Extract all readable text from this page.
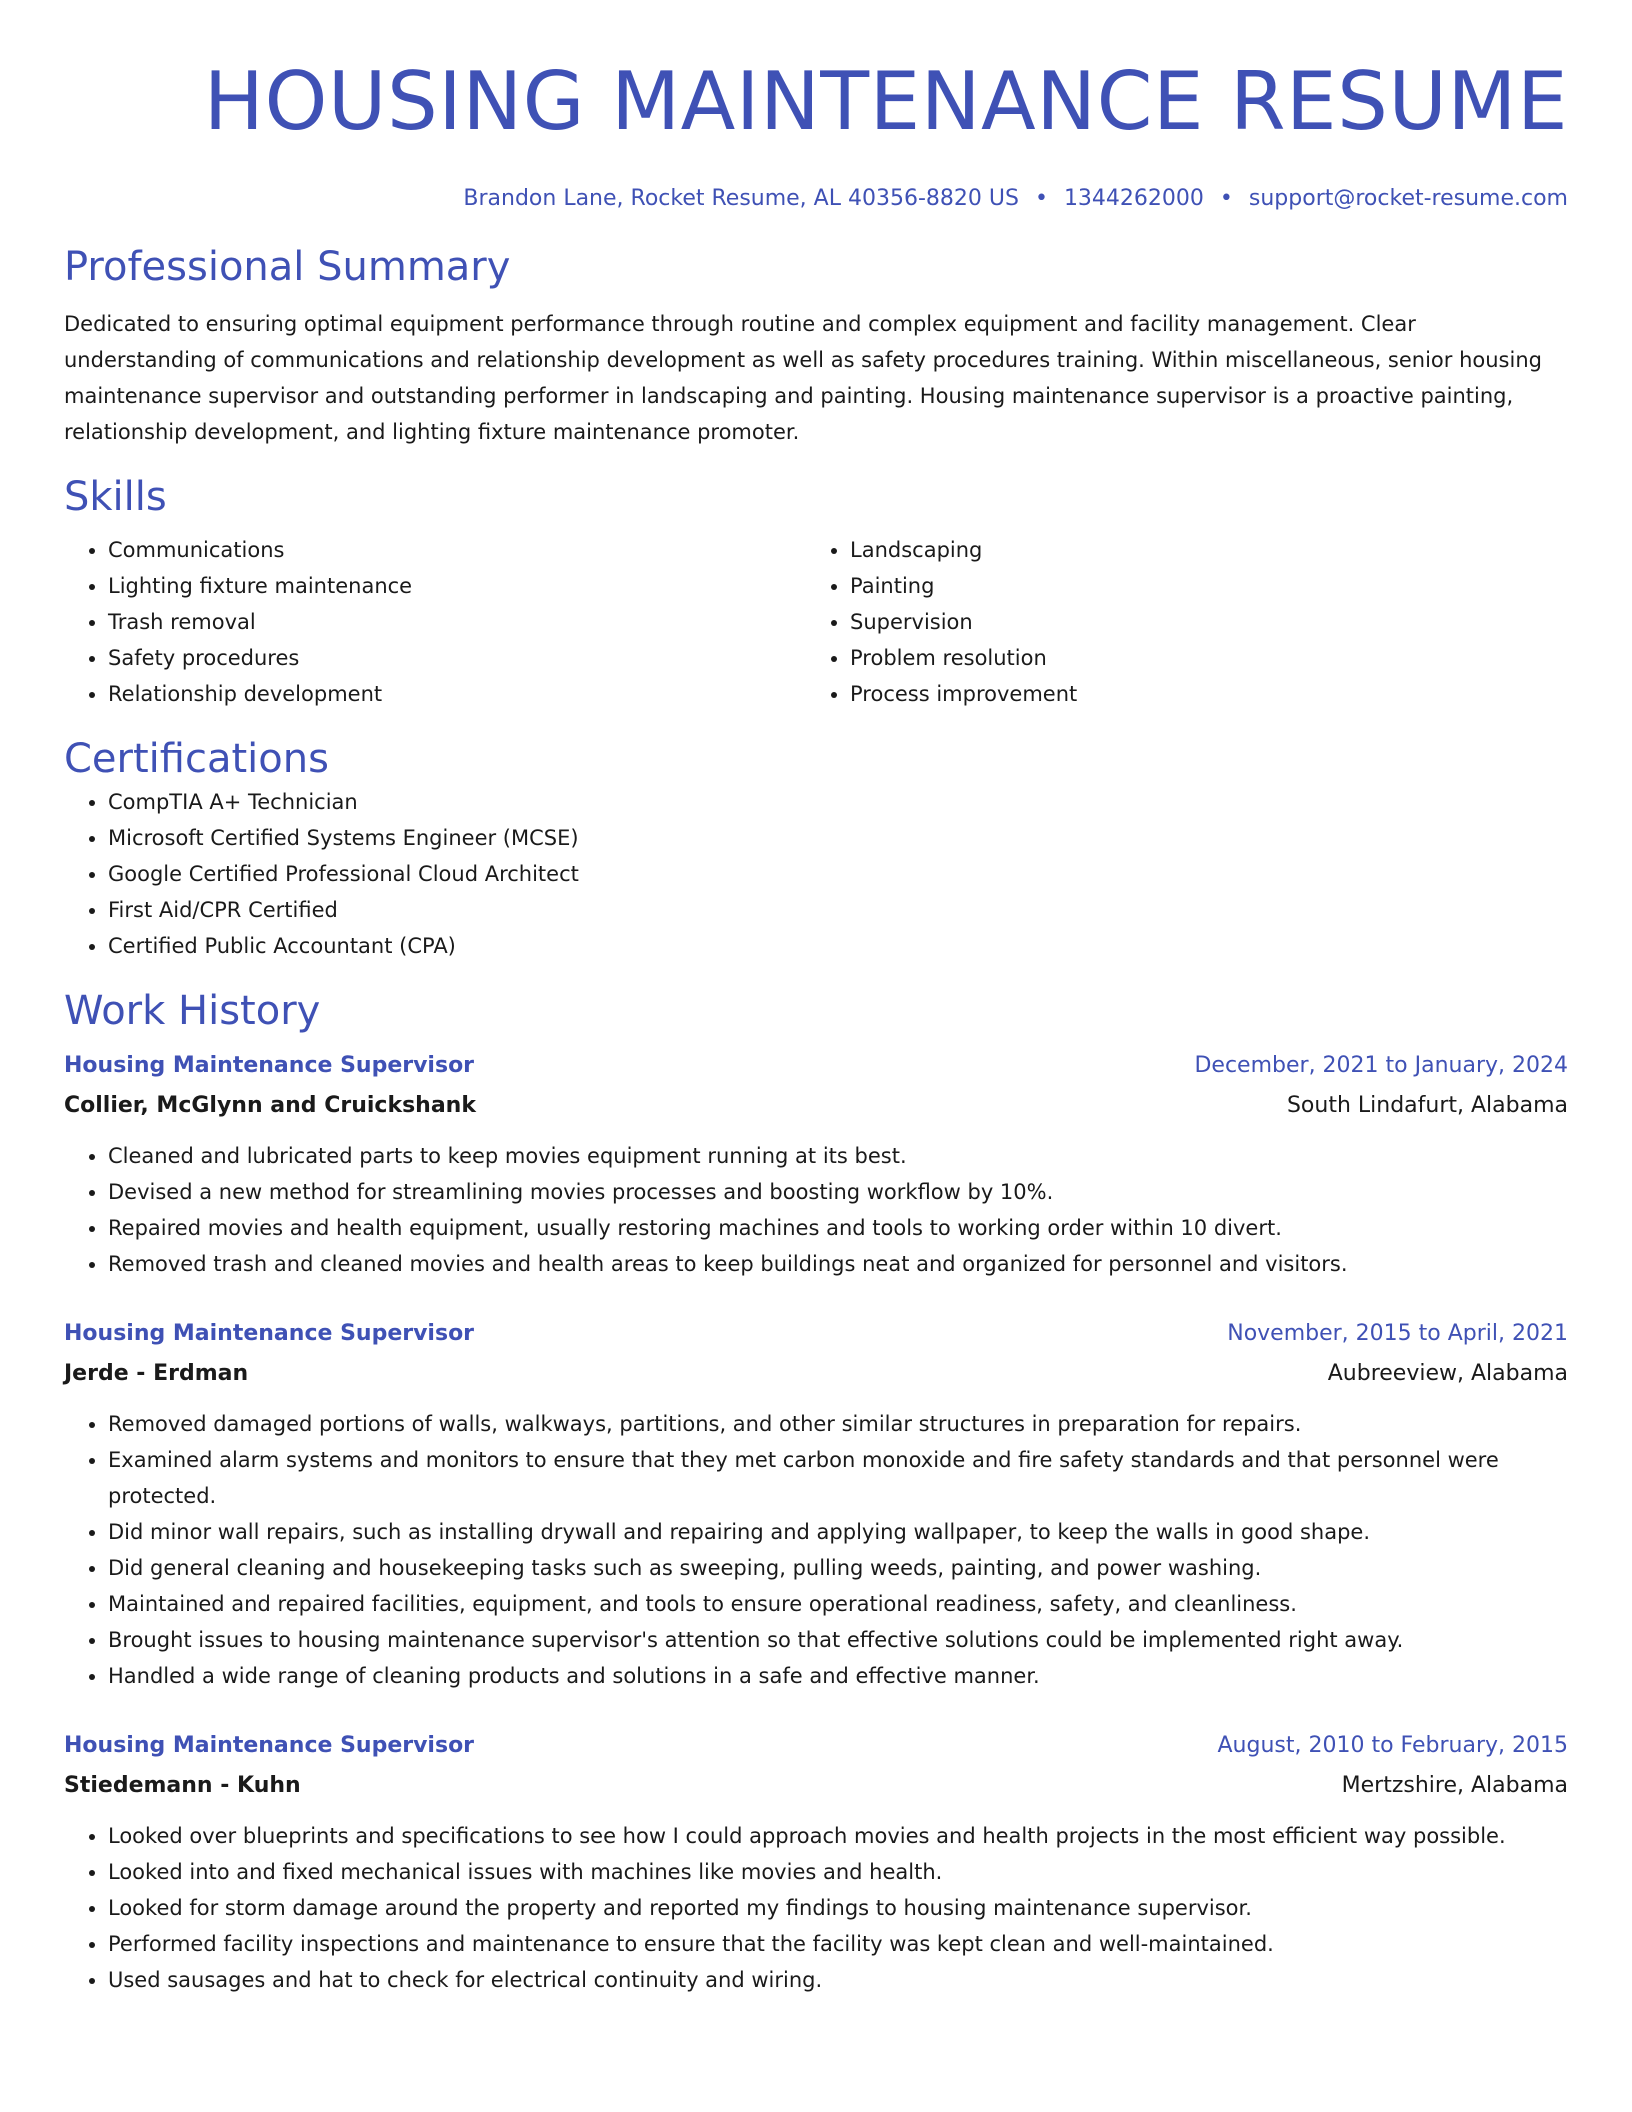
HOUSING MAINTENANCE RESUME
Brandon Lane, Rocket Resume, AL 40356-8820 US • 1344262000 • support@rocket-resume.com
Professional Summary

Dedicated to ensuring optimal equipment performance through routine and complex equipment and facility management. Clear understanding of communications and relationship development as well as safety procedures training. Within miscellaneous, senior housing maintenance supervisor and outstanding performer in landscaping and painting. Housing maintenance supervisor is a proactive painting, relationship development, and lighting fixture maintenance promoter.

Skills
• Communications
• Lighting fixture maintenance
• Trash removal
• Safety procedures
• Relationship development
• Landscaping
• Painting
• Supervision
• Problem resolution
• Process improvement
Certifications
• CompTIA A+ Technician
• Microsoft Certified Systems Engineer (MCSE)
• Google Certified Professional Cloud Architect
• First Aid/CPR Certified
• Certified Public Accountant (CPA)
Work History
Housing Maintenance Supervisor	December, 2021 to January, 2024
Collier, McGlynn and Cruickshank	South Lindafurt, Alabama
• Cleaned and lubricated parts to keep movies equipment running at its best.
• Devised a new method for streamlining movies processes and boosting workflow by 10%.
• Repaired movies and health equipment, usually restoring machines and tools to working order within 10 divert.
• Removed trash and cleaned movies and health areas to keep buildings neat and organized for personnel and visitors.
Housing Maintenance Supervisor	November, 2015 to April, 2021
Jerde - Erdman	Aubreeview, Alabama
• Removed damaged portions of walls, walkways, partitions, and other similar structures in preparation for repairs.
• Examined alarm systems and monitors to ensure that they met carbon monoxide and fire safety standards and that personnel were protected.
• Did minor wall repairs, such as installing drywall and repairing and applying wallpaper, to keep the walls in good shape.
• Did general cleaning and housekeeping tasks such as sweeping, pulling weeds, painting, and power washing.
• Maintained and repaired facilities, equipment, and tools to ensure operational readiness, safety, and cleanliness.
• Brought issues to housing maintenance supervisor's attention so that effective solutions could be implemented right away.
• Handled a wide range of cleaning products and solutions in a safe and effective manner.
Housing Maintenance Supervisor	August, 2010 to February, 2015
Stiedemann - Kuhn	Mertzshire, Alabama
• Looked over blueprints and specifications to see how I could approach movies and health projects in the most efficient way possible.
• Looked into and fixed mechanical issues with machines like movies and health.
• Looked for storm damage around the property and reported my findings to housing maintenance supervisor.
• Performed facility inspections and maintenance to ensure that the facility was kept clean and well-maintained.
• Used sausages and hat to check for electrical continuity and wiring.
